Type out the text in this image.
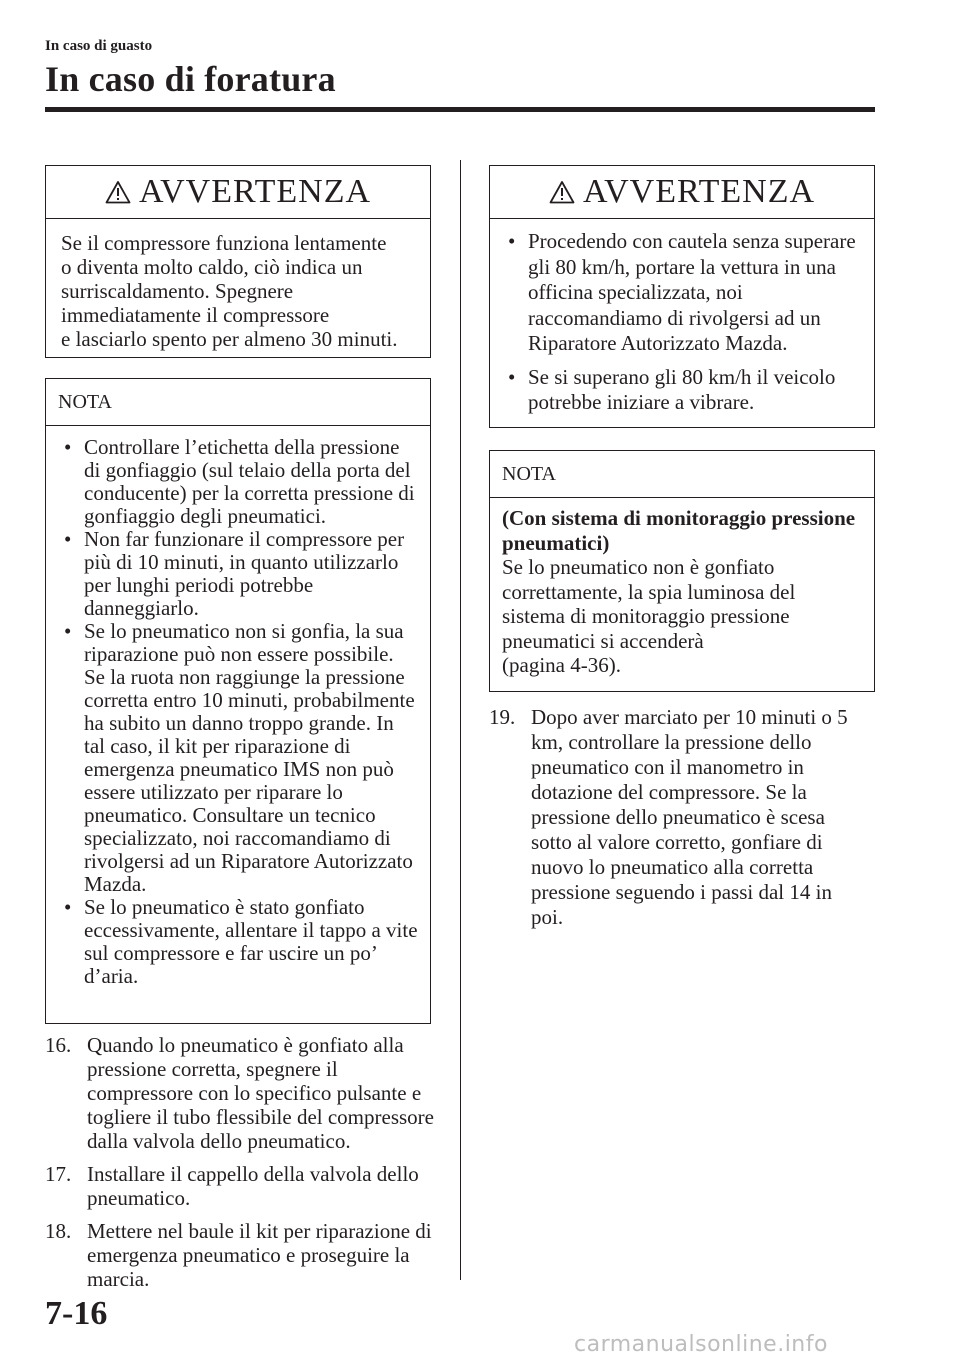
In caso di guasto
In caso di foratura
AVVERTENZA
Se il compressore funziona lentamente
o diventa molto caldo, ciò indica un
surriscaldamento. Spegnere
immediatamente il compressore
e lasciarlo spento per almeno 30 minuti.
NOTA
• Controllare l’etichetta della pressione di gonfiaggio (sul telaio della porta del conducente) per la corretta pressione di gonfiaggio degli pneumatici.
• Non far funzionare il compressore per più di 10 minuti, in quanto utilizzarlo per lunghi periodi potrebbe danneggiarlo.
• Se lo pneumatico non si gonfia, la sua riparazione può non essere possibile. Se la ruota non raggiunge la pressione corretta entro 10 minuti, probabilmente ha subito un danno troppo grande. In tal caso, il kit per riparazione di emergenza pneumatico IMS non può essere utilizzato per riparare lo pneumatico. Consultare un tecnico specializzato, noi raccomandiamo di rivolgersi ad un Riparatore Autorizzato Mazda.
• Se lo pneumatico è stato gonfiato eccessivamente, allentare il tappo a vite sul compressore e far uscire un po’ d’aria.
16. Quando lo pneumatico è gonfiato alla pressione corretta, spegnere il compressore con lo specifico pulsante e togliere il tubo flessibile del compressore dalla valvola dello pneumatico.
17. Installare il cappello della valvola dello pneumatico.
18. Mettere nel baule il kit per riparazione di emergenza pneumatico e proseguire la marcia.
AVVERTENZA
• Procedendo con cautela senza superare gli 80 km/h, portare la vettura in una officina specializzata, noi raccomandiamo di rivolgersi ad un Riparatore Autorizzato Mazda.
• Se si superano gli 80 km/h il veicolo potrebbe iniziare a vibrare.
NOTA
(Con sistema di monitoraggio pressione pneumatici)
Se lo pneumatico non è gonfiato correttamente, la spia luminosa del sistema di monitoraggio pressione pneumatici si accenderà
(pagina 4-36).
19. Dopo aver marciato per 10 minuti o 5 km, controllare la pressione dello pneumatico con il manometro in dotazione del compressore. Se la pressione dello pneumatico è scesa sotto al valore corretto, gonfiare di nuovo lo pneumatico alla corretta pressione seguendo i passi dal 14 in poi.
7-16
carmanualsonline.info
